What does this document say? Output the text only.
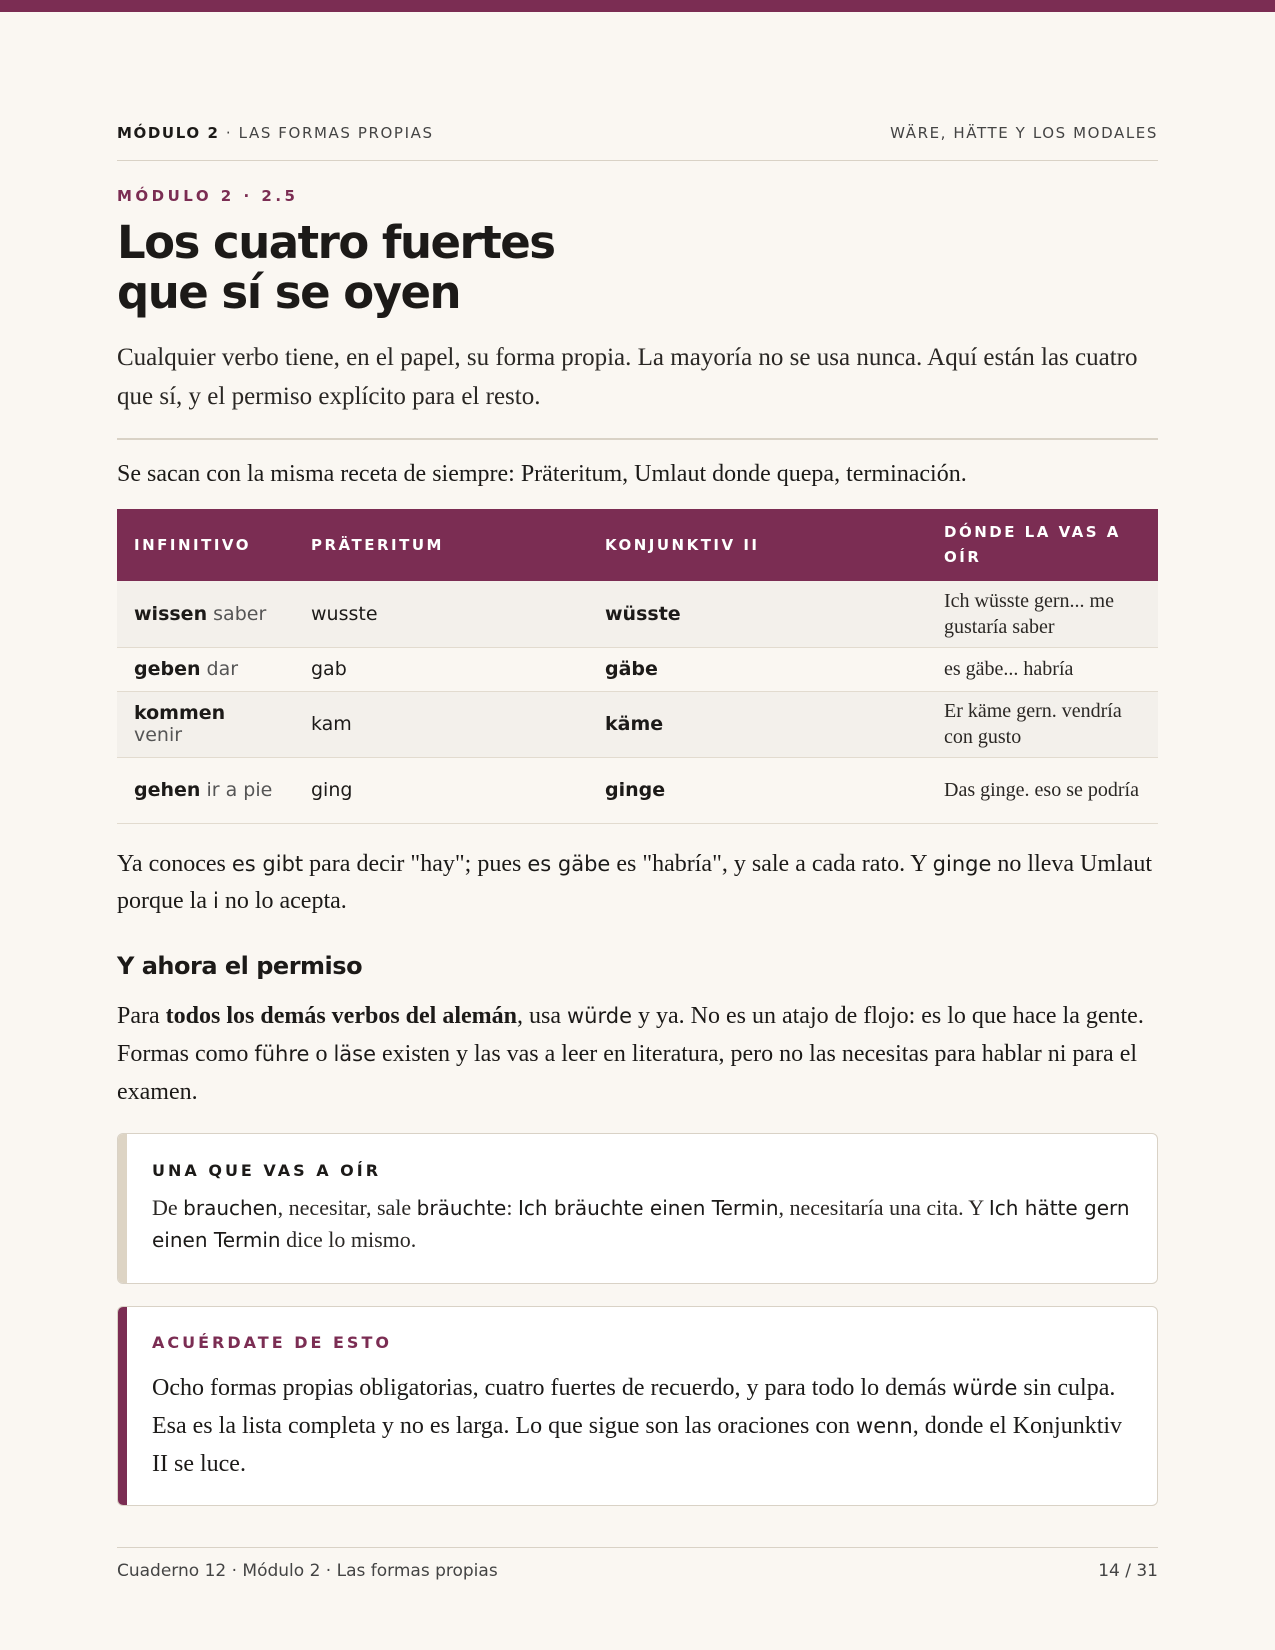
MÓDULO 2 · LAS FORMAS PROPIAS	WÄRE, HÄTTE Y LOS MODALES
MÓDULO 2 · 2.5
Los cuatro fuertes
que sí se oyen

Cualquier verbo tiene, en el papel, su forma propia. La mayoría no se usa nunca. Aquí están las cuatro que sí, y el permiso explícito para el resto.

Se sacan con la misma receta de siempre: Präteritum, Umlaut donde quepa, terminación.

INFINITIVO	PRÄTERITUM	KONJUNKTIV II	DÓNDE LA VAS A OÍR
wissen saber	wusste	wüsste	Ich wüsste gern... me gustaría saber
geben dar	gab	gäbe	es gäbe... habría
kommen venir	kam	käme	Er käme gern. vendría con gusto
gehen ir a pie	ging	ginge	Das ginge. eso se podría

Ya conoces es gibt para decir "hay"; pues es gäbe es "habría", y sale a cada rato. Y ginge no lleva Umlaut porque la i no lo acepta.

Y ahora el permiso

Para todos los demás verbos del alemán, usa würde y ya. No es un atajo de flojo: es lo que hace la gente. Formas como führe o läse existen y las vas a leer en literatura, pero no las necesitas para hablar ni para el examen.

UNA QUE VAS A OÍR

De brauchen, necesitar, sale bräuchte: Ich bräuchte einen Termin, necesitaría una cita. Y Ich hätte gern einen Termin dice lo mismo.

ACUÉRDATE DE ESTO

Ocho formas propias obligatorias, cuatro fuertes de recuerdo, y para todo lo demás würde sin culpa. Esa es la lista completa y no es larga. Lo que sigue son las oraciones con wenn, donde el Konjunktiv II se luce.

Cuaderno 12 · Módulo 2 · Las formas propias	14 / 31
